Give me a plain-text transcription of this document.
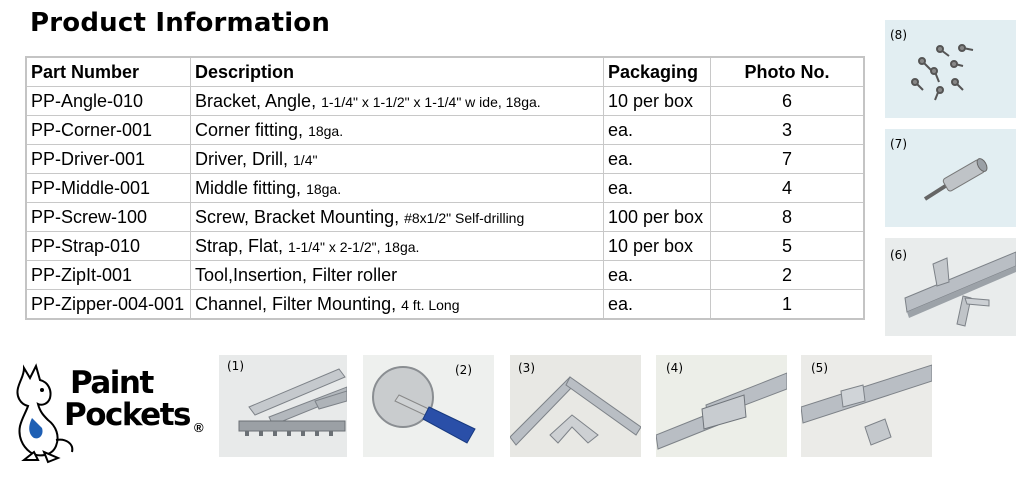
Product Information
Part Number	Description	Packaging	Photo No.
PP-Angle-010	Bracket, Angle, 1-1/4" x 1-1/2" x 1-1/4" w ide, 18ga.	10 per box	6
PP-Corner-001	Corner fitting, 18ga.	ea.	3
PP-Driver-001	Driver, Drill, 1/4"	ea.	7
PP-Middle-001	Middle fitting, 18ga.	ea.	4
PP-Screw-100	Screw, Bracket Mounting, #8x1/2" Self-drilling	100 per box	8
PP-Strap-010	Strap, Flat, 1-1/4" x 2-1/2", 18ga.	10 per box	5
PP-ZipIt-001	Tool,Insertion, Filter roller	ea.	2
PP-Zipper-004-001	Channel, Filter Mounting, 4 ft. Long	ea.	1
(8)
(7)
(6)
Paint
Pockets ®
(1)	(2)	(3)	(4)	(5)
